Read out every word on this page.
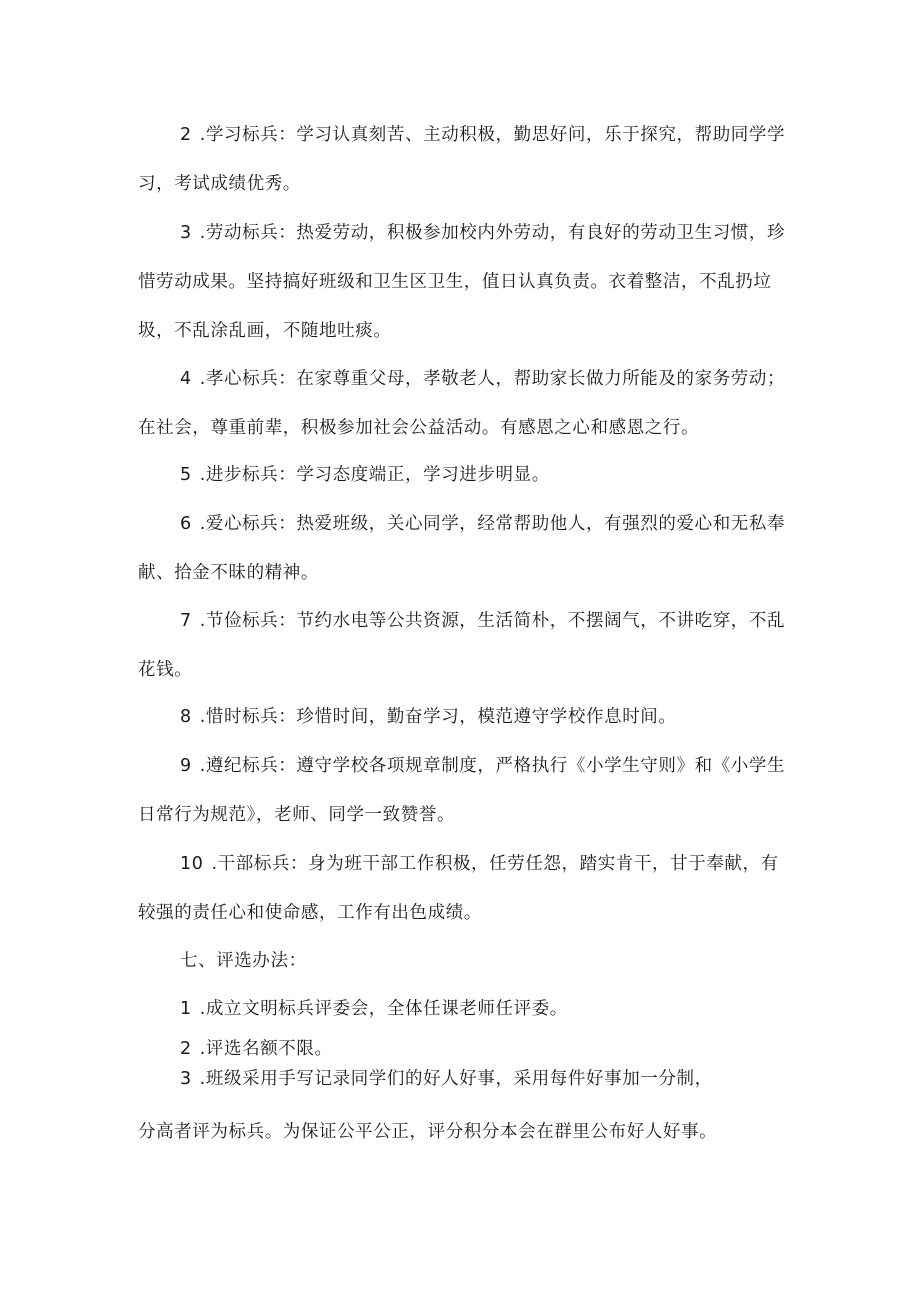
2 .学习标兵：学习认真刻苦、主动积极，勤思好问，乐于探究，帮助同学学习，考试成绩优秀。

3 .劳动标兵：热爱劳动，积极参加校内外劳动，有良好的劳动卫生习惯，珍惜劳动成果。坚持搞好班级和卫生区卫生，值日认真负责。衣着整洁，不乱扔垃圾，不乱涂乱画，不随地吐痰。

4 .孝心标兵：在家尊重父母，孝敬老人，帮助家长做力所能及的家务劳动；在社会，尊重前辈，积极参加社会公益活动。有感恩之心和感恩之行。

5 .进步标兵：学习态度端正，学习进步明显。

6 .爱心标兵：热爱班级，关心同学，经常帮助他人，有强烈的爱心和无私奉献、拾金不昧的精神。

7 .节俭标兵：节约水电等公共资源，生活简朴，不摆阔气，不讲吃穿，不乱花钱。

8 .惜时标兵：珍惜时间，勤奋学习，模范遵守学校作息时间。

9 .遵纪标兵：遵守学校各项规章制度，严格执行《小学生守则》和《小学生日常行为规范》，老师、同学一致赞誉。

10 .干部标兵：身为班干部工作积极，任劳任怨，踏实肯干，甘于奉献，有较强的责任心和使命感，工作有出色成绩。

七、评选办法：

1 .成立文明标兵评委会，全体任课老师任评委。

2 .评选名额不限。

3 .班级采用手写记录同学们的好人好事，采用每件好事加一分制，

分高者评为标兵。为保证公平公正，评分积分本会在群里公布好人好事。
